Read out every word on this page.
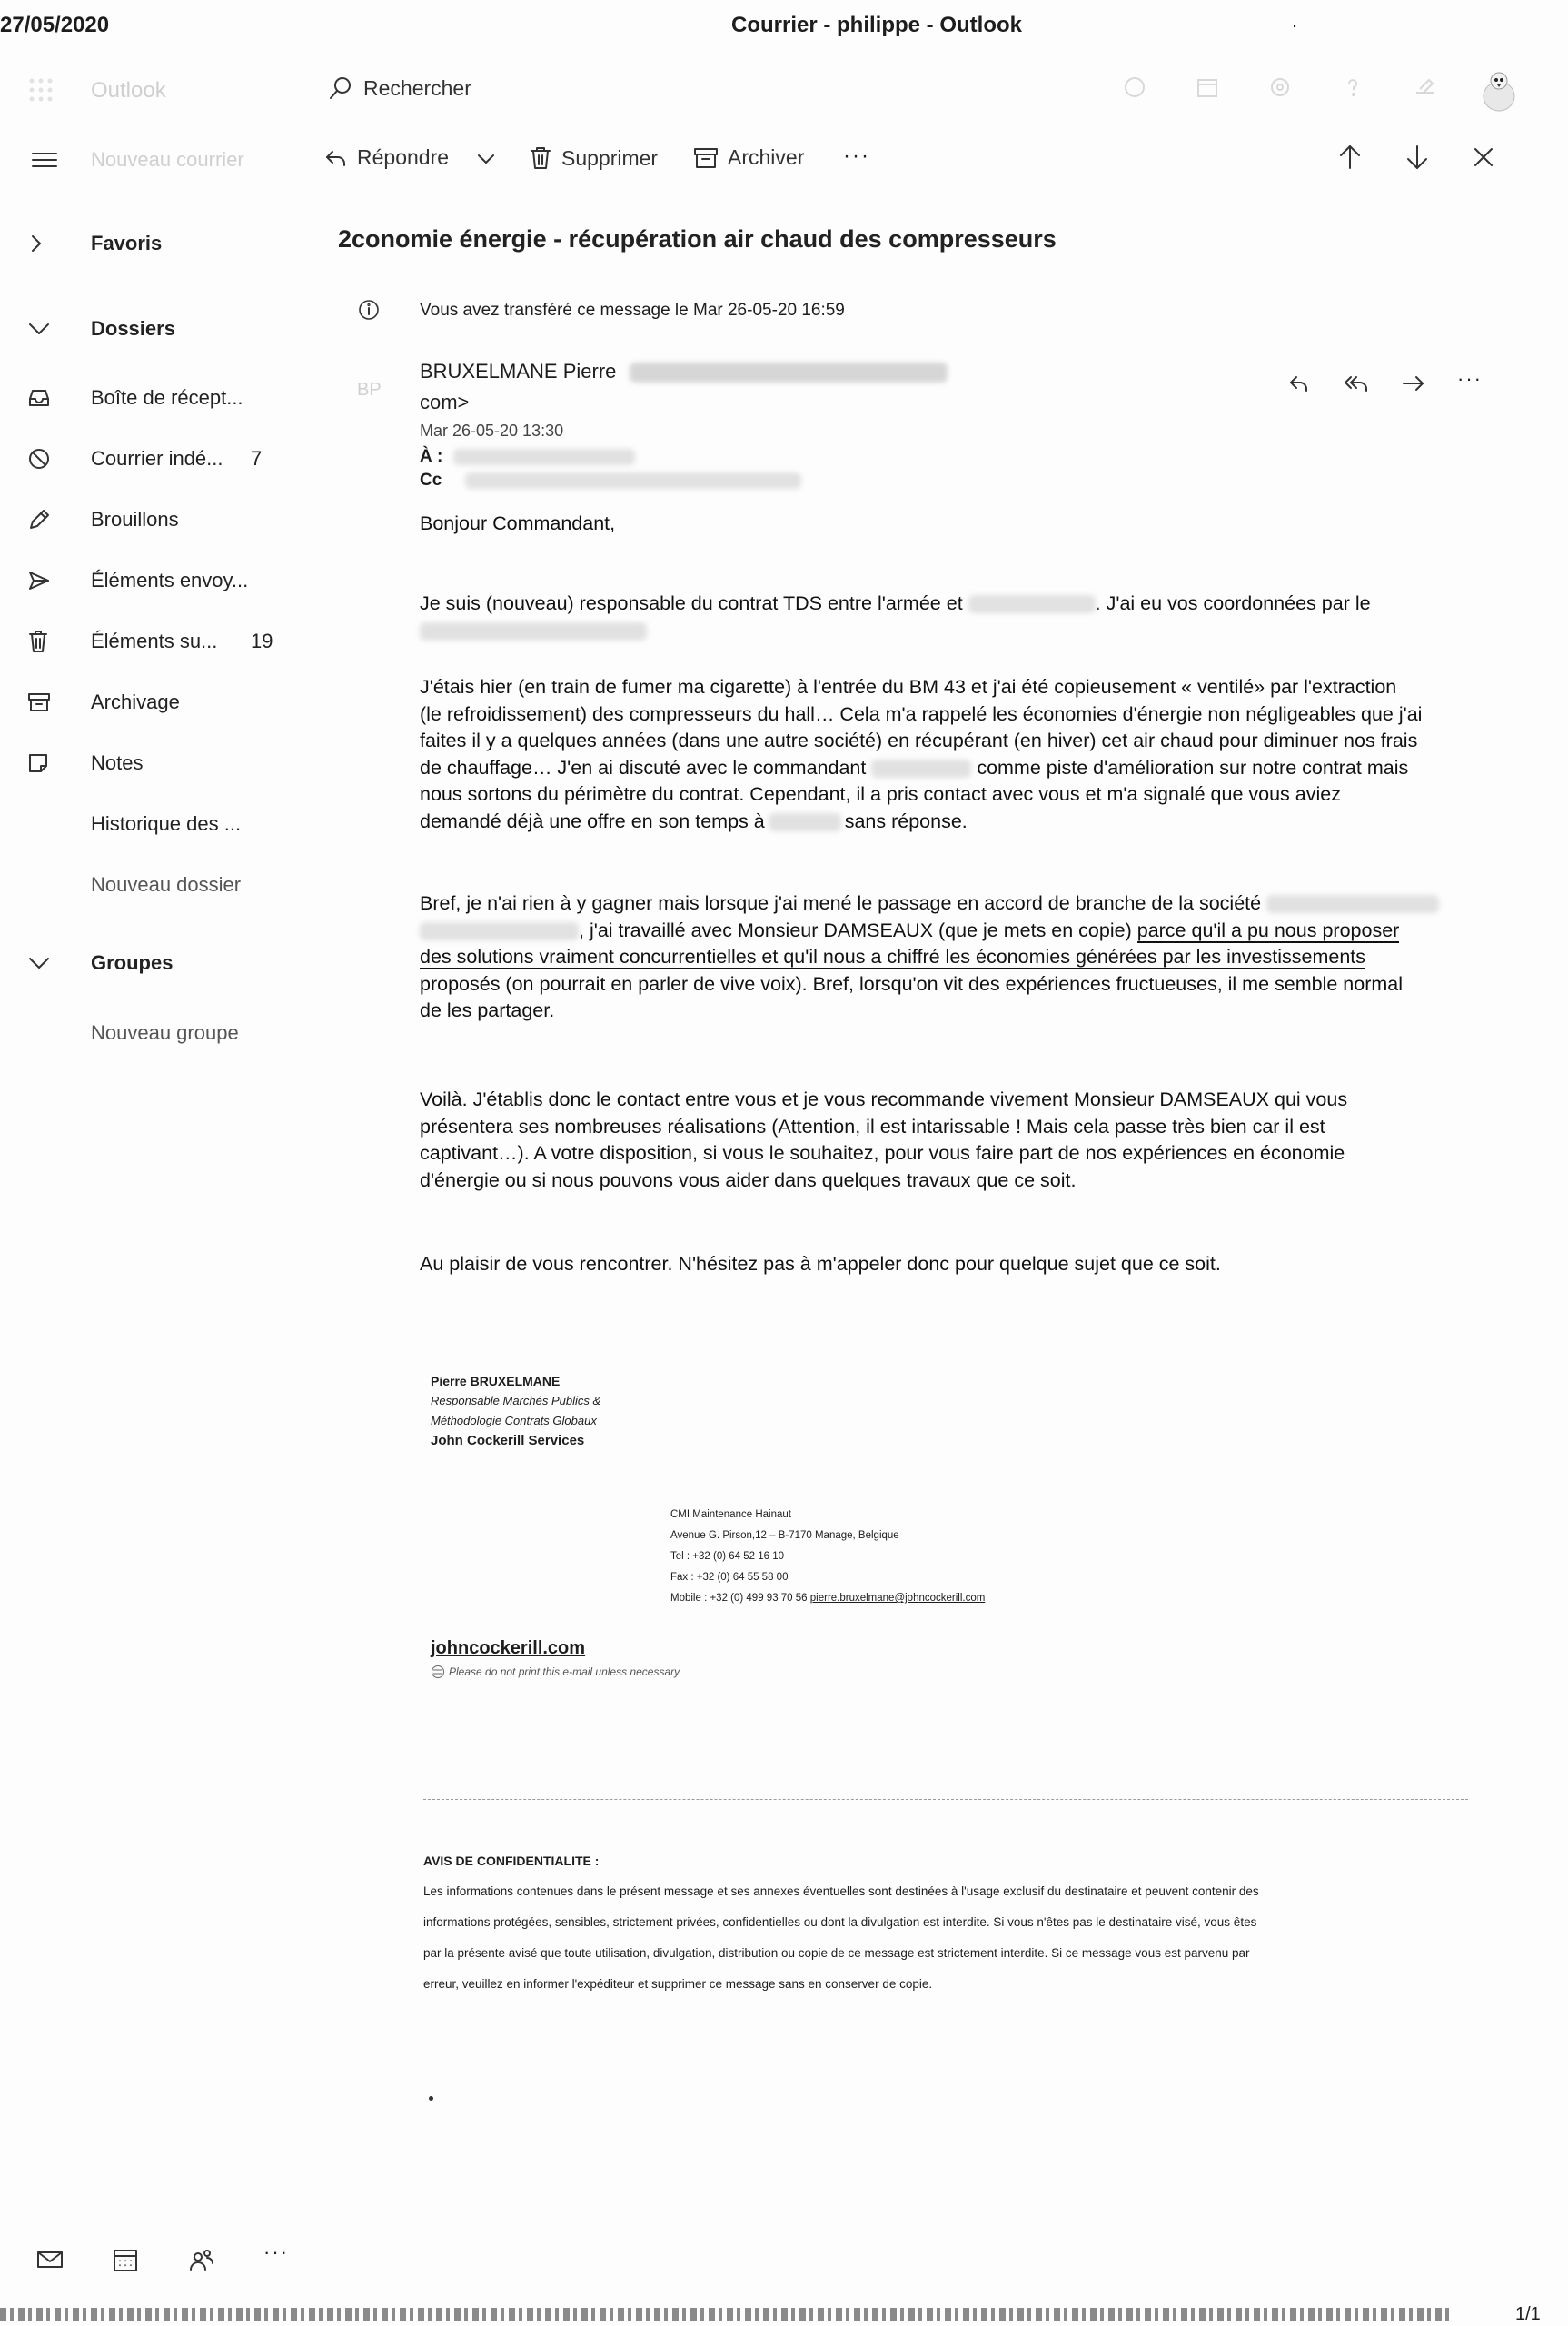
27/05/2020	Courrier - philippe - Outlook	.
Outlook	Rechercher
Nouveau courrier	Répondre	Supprimer	Archiver ···
Favoris
Dossiers
Boîte de récept...
Courrier indé... 7
Brouillons
Éléments envoy...
Éléments su... 19
Archivage
Notes
Historique des ...
Nouveau dossier
Groupes
Nouveau groupe
2conomie énergie - récupération air chaud des compresseurs
Vous avez transféré ce message le Mar 26-05-20 16:59
BP
BRUXELMANE Pierre
com>
Mar 26-05-20 13:30
À :
Cc
···
Bonjour Commandant,

Je suis (nouveau) responsable du contrat TDS entre l'armée et	. J'ai eu vos coordonnées par le

J'étais hier (en train de fumer ma cigarette) à l'entrée du BM 43 et j'ai été copieusement « ventilé» par l'extraction

(le refroidissement) des compresseurs du hall… Cela m'a rappelé les économies d'énergie non négligeables que j'ai

faites il y a quelques années (dans une autre société) en récupérant (en hiver) cet air chaud pour diminuer nos frais

de chauffage… J'en ai discuté avec le commandant	comme piste d'amélioration sur notre contrat mais

nous sortons du périmètre du contrat. Cependant, il a pris contact avec vous et m'a signalé que vous aviez

demandé déjà une offre en son temps à	sans réponse.

Bref, je n'ai rien à y gagner mais lorsque j'ai mené le passage en accord de branche de la société

, j'ai travaillé avec Monsieur DAMSEAUX (que je mets en copie) parce qu'il a pu nous proposer

des solutions vraiment concurrentielles et qu'il nous a chiffré les économies générées par les investissements

proposés (on pourrait en parler de vive voix). Bref, lorsqu'on vit des expériences fructueuses, il me semble normal

de les partager.

Voilà. J'établis donc le contact entre vous et je vous recommande vivement Monsieur DAMSEAUX qui vous

présentera ses nombreuses réalisations (Attention, il est intarissable ! Mais cela passe très bien car il est

captivant…). A votre disposition, si vous le souhaitez, pour vous faire part de nos expériences en économie

d'énergie ou si nous pouvons vous aider dans quelques travaux que ce soit.

Au plaisir de vous rencontrer. N'hésitez pas à m'appeler donc pour quelque sujet que ce soit.
Pierre BRUXELMANE
Responsable Marchés Publics &
Méthodologie Contrats Globaux
John Cockerill Services
CMI Maintenance Hainaut
Avenue G. Pirson,12 – B-7170 Manage, Belgique
Tel : +32 (0) 64 52 16 10
Fax : +32 (0) 64 55 58 00
Mobile : +32 (0) 499 93 70 56 pierre.bruxelmane@johncockerill.com
johncockerill.com
Please do not print this e-mail unless necessary
AVIS DE CONFIDENTIALITE :
Les informations contenues dans le présent message et ses annexes éventuelles sont destinées à l'usage exclusif du destinataire et peuvent contenir des
informations protégées, sensibles, strictement privées, confidentielles ou dont la divulgation est interdite. Si vous n'êtes pas le destinataire visé, vous êtes
par la présente avisé que toute utilisation, divulgation, distribution ou copie de ce message est strictement interdite. Si ce message vous est parvenu par
erreur, veuillez en informer l'expéditeur et supprimer ce message sans en conserver de copie.
···
1/1
